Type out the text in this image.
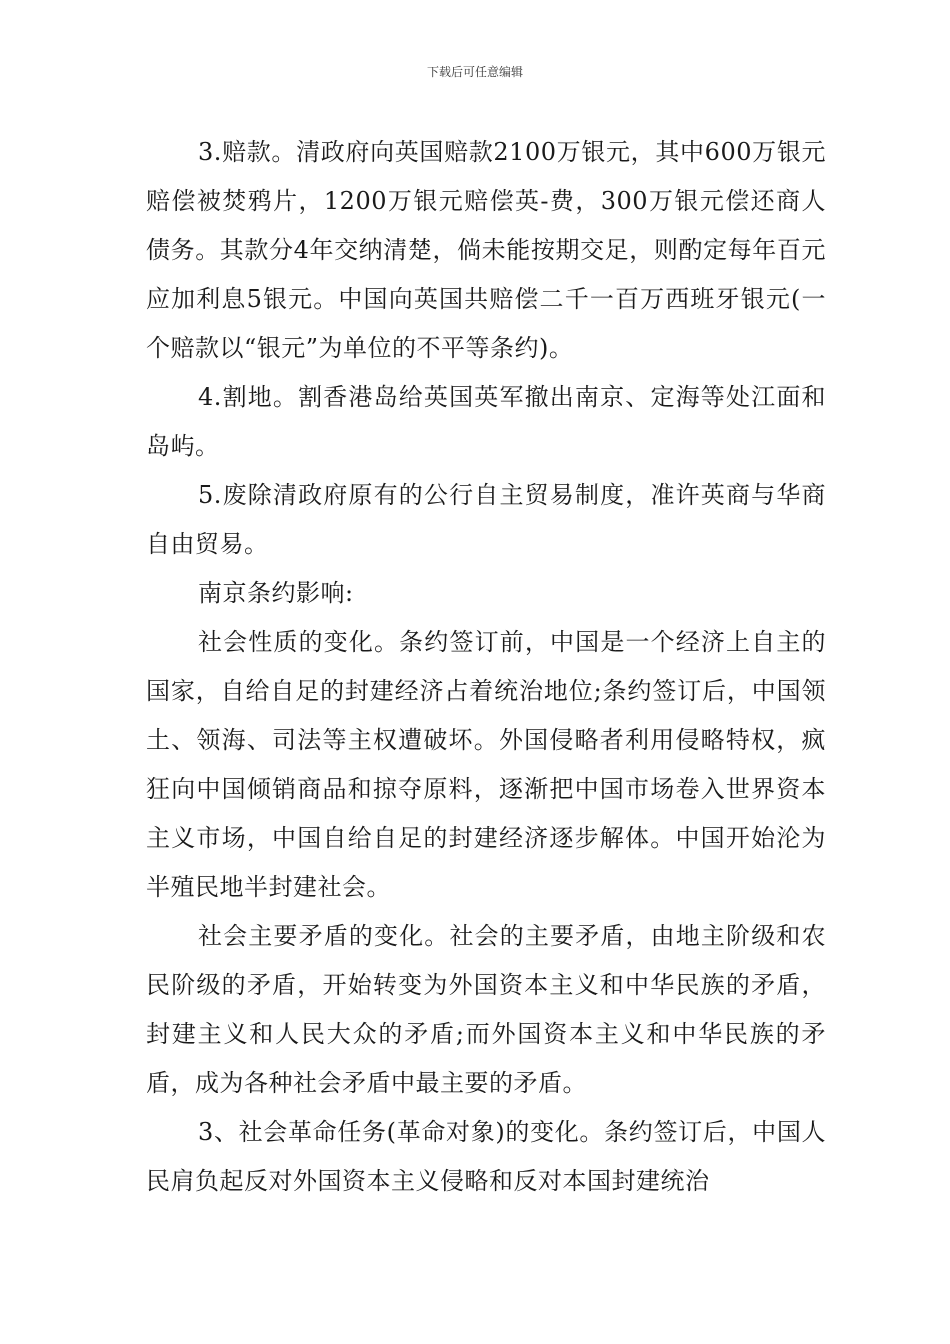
下载后可任意编辑

3.赔款。清政府向英国赔款2100万银元，其中600万银元赔偿被焚鸦片，1200万银元赔偿英-费，300万银元偿还商人债务。其款分4年交纳清楚，倘未能按期交足，则酌定每年百元应加利息5银元。中国向英国共赔偿二千一百万西班牙银元(一个赔款以“银元”为单位的不平等条约)。

4.割地。割香港岛给英国英军撤出南京、定海等处江面和岛屿。

5.废除清政府原有的公行自主贸易制度，准许英商与华商自由贸易。

南京条约影响:

社会性质的变化。条约签订前，中国是一个经济上自主的国家，自给自足的封建经济占着统治地位;条约签订后，中国领土、领海、司法等主权遭破坏。外国侵略者利用侵略特权，疯狂向中国倾销商品和掠夺原料，逐渐把中国市场卷入世界资本主义市场，中国自给自足的封建经济逐步解体。中国开始沦为半殖民地半封建社会。

社会主要矛盾的变化。社会的主要矛盾，由地主阶级和农民阶级的矛盾，开始转变为外国资本主义和中华民族的矛盾，封建主义和人民大众的矛盾;而外国资本主义和中华民族的矛盾，成为各种社会矛盾中最主要的矛盾。

3、社会革命任务(革命对象)的变化。条约签订后，中国人民肩负起反对外国资本主义侵略和反对本国封建统治
